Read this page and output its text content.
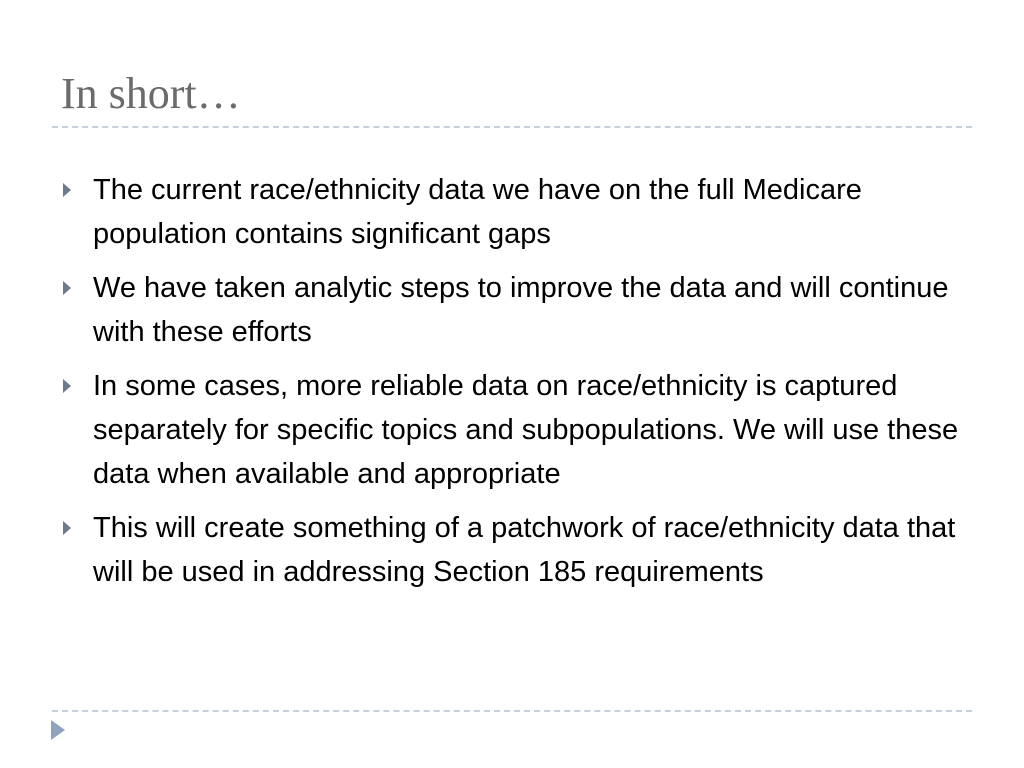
In short…
The current race/ethnicity data we have on the full Medicare population contains significant gaps
We have taken analytic steps to improve the data and will continue with these efforts
In some cases, more reliable data on race/ethnicity is captured separately for specific topics and subpopulations. We will use these data when available and appropriate
This will create something of a patchwork of race/ethnicity data that will be used in addressing Section 185 requirements
